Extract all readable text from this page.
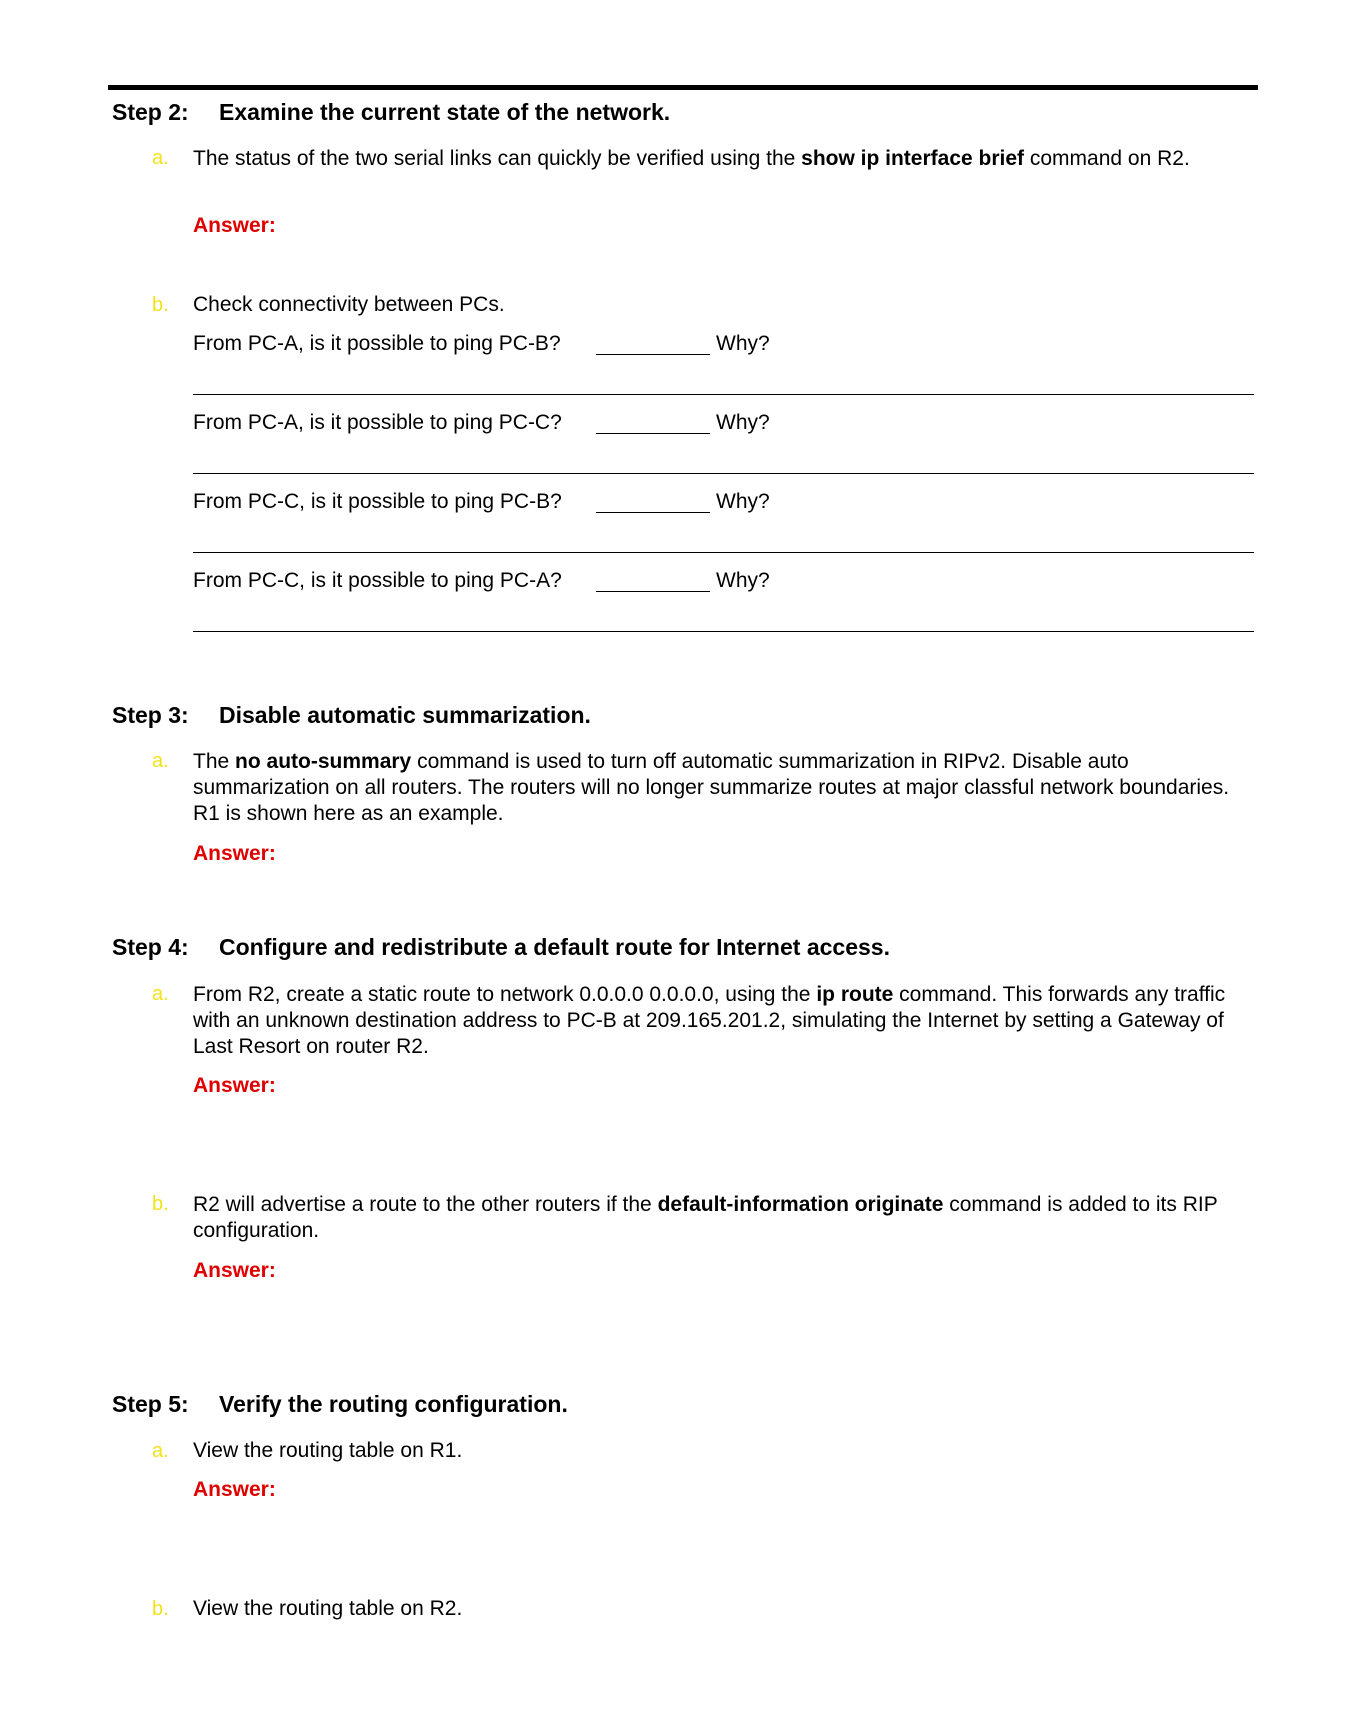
Step 2: Examine the current state of the network.
a. The status of the two serial links can quickly be verified using the show ip interface brief command on R2.
Answer:
b. Check connectivity between PCs.
From PC-A, is it possible to ping PC-B?	Why?
From PC-A, is it possible to ping PC-C?	Why?
From PC-C, is it possible to ping PC-B?	Why?
From PC-C, is it possible to ping PC-A?	Why?
Step 3: Disable automatic summarization.
a. The no auto-summary command is used to turn off automatic summarization in RIPv2. Disable auto summarization on all routers. The routers will no longer summarize routes at major classful network boundaries. R1 is shown here as an example.
Answer:
Step 4: Configure and redistribute a default route for Internet access.
a. From R2, create a static route to network 0.0.0.0 0.0.0.0, using the ip route command. This forwards any traffic with an unknown destination address to PC-B at 209.165.201.2, simulating the Internet by setting a Gateway of Last Resort on router R2.
Answer:
b. R2 will advertise a route to the other routers if the default-information originate command is added to its RIP configuration.
Answer:
Step 5: Verify the routing configuration.
a. View the routing table on R1.
Answer:
b. View the routing table on R2.
